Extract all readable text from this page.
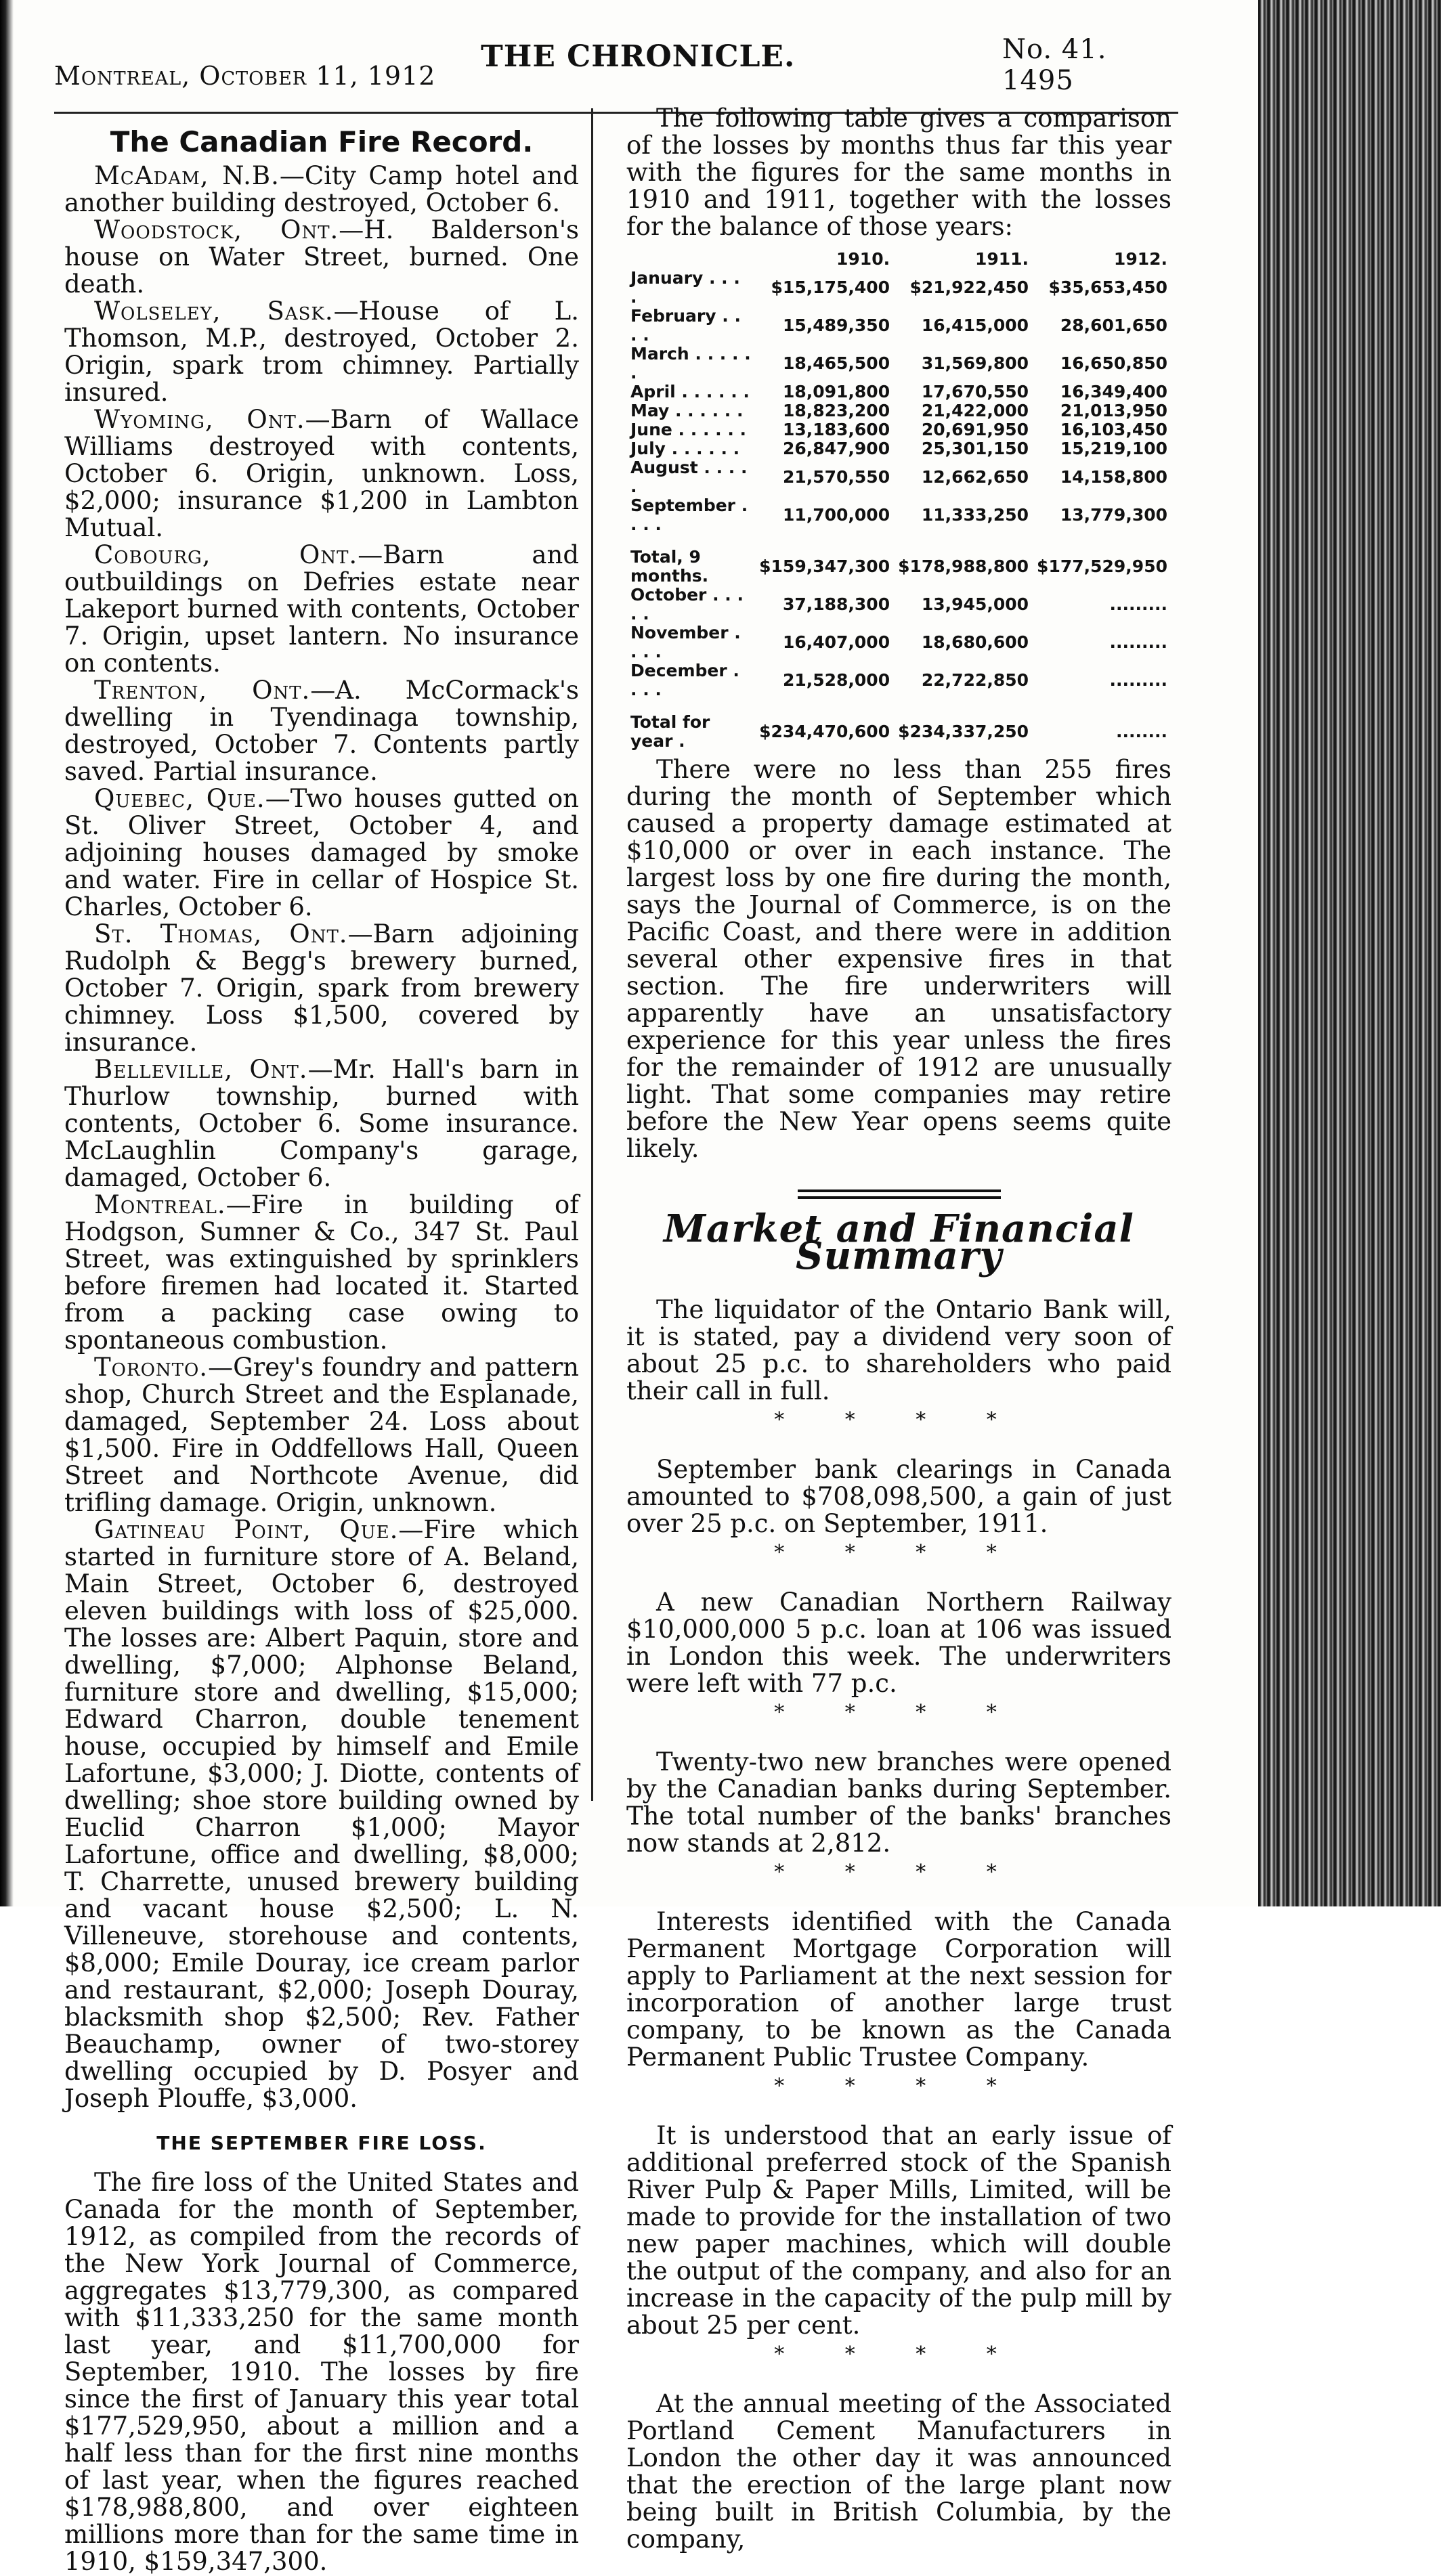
Montreal, October 11, 1912
THE CHRONICLE.	No. 41. 1495
The Canadian Fire Record.

McAdam, N.B.—City Camp hotel and another building destroyed, October 6.

Woodstock, Ont.—H. Balderson's house on Water Street, burned. One death.

Wolseley, Sask.—House of L. Thomson, M.P., destroyed, October 2. Origin, spark trom chimney. Partially insured.

Wyoming, Ont.—Barn of Wallace Williams destroyed with contents, October 6. Origin, unknown. Loss, $2,000; insurance $1,200 in Lambton Mutual.

Cobourg, Ont.—Barn and outbuildings on Defries estate near Lakeport burned with contents, October 7. Origin, upset lantern. No insurance on contents.

Trenton, Ont.—A. McCormack's dwelling in Tyendinaga township, destroyed, October 7. Contents partly saved. Partial insurance.

Quebec, Que.—Two houses gutted on St. Oliver Street, October 4, and adjoining houses damaged by smoke and water. Fire in cellar of Hospice St. Charles, October 6.

St. Thomas, Ont.—Barn adjoining Rudolph & Begg's brewery burned, October 7. Origin, spark from brewery chimney. Loss $1,500, covered by insurance.

Belleville, Ont.—Mr. Hall's barn in Thurlow township, burned with contents, October 6. Some insurance. McLaughlin Company's garage, damaged, October 6.

Montreal.—Fire in building of Hodgson, Sumner & Co., 347 St. Paul Street, was extinguished by sprinklers before firemen had located it. Started from a packing case owing to spontaneous combustion.

Toronto.—Grey's foundry and pattern shop, Church Street and the Esplanade, damaged, September 24. Loss about $1,500. Fire in Oddfellows Hall, Queen Street and Northcote Avenue, did trifling damage. Origin, unknown.

Gatineau Point, Que.—Fire which started in furniture store of A. Beland, Main Street, October 6, destroyed eleven buildings with loss of $25,000. The losses are: Albert Paquin, store and dwelling, $7,000; Alphonse Beland, furniture store and dwelling, $15,000; Edward Charron, double tenement house, occupied by himself and Emile Lafortune, $3,000; J. Diotte, contents of dwelling; shoe store building owned by Euclid Charron $1,000; Mayor Lafortune, office and dwelling, $8,000; T. Charrette, unused brewery building and vacant house $2,500; L. N. Villeneuve, storehouse and contents, $8,000; Emile Douray, ice cream parlor and restaurant, $2,000; Joseph Douray, blacksmith shop $2,500; Rev. Father Beauchamp, owner of two-storey dwelling occupied by D. Posyer and Joseph Plouffe, $3,000.

THE SEPTEMBER FIRE LOSS.

The fire loss of the United States and Canada for the month of September, 1912, as compiled from the records of the New York Journal of Commerce, aggregates $13,779,300, as compared with $11,333,250 for the same month last year, and $11,700,000 for September, 1910. The losses by fire since the first of January this year total $177,529,950, about a million and a half less than for the first nine months of last year, when the figures reached $178,988,800, and over eighteen millions more than for the same time in 1910, $159,347,300.

The following table gives a comparison of the losses by months thus far this year with the figures for the same months in 1910 and 1911, together with the losses for the balance of those years:

	1910.	1911.	1912.
January . . . .	$15,175,400	$21,922,450	$35,653,450
February . . . .	15,489,350	16,415,000	28,601,650
March . . . . . .	18,465,500	31,569,800	16,650,850
April . . . . . .	18,091,800	17,670,550	16,349,400
May . . . . . .	18,823,200	21,422,000	21,013,950
June . . . . . .	13,183,600	20,691,950	16,103,450
July . . . . . .	26,847,900	25,301,150	15,219,100
August . . . . .	21,570,550	12,662,650	14,158,800
September . . . .	11,700,000	11,333,250	13,779,300
Total, 9 months.	$159,347,300	$178,988,800	$177,529,950
October . . . . .	37,188,300	13,945,000	.........
November . . . .	16,407,000	18,680,600	.........
December . . . .	21,528,000	22,722,850	.........
Total for year .	$234,470,600	$234,337,250	........

There were no less than 255 fires during the month of September which caused a property damage estimated at $10,000 or over in each instance. The largest loss by one fire during the month, says the Journal of Commerce, is on the Pacific Coast, and there were in addition several other expensive fires in that section. The fire underwriters will apparently have an unsatisfactory experience for this year unless the fires for the remainder of 1912 are unusually light. That some companies may retire before the New Year opens seems quite likely.

Market and Financial Summary

The liquidator of the Ontario Bank will, it is stated, pay a dividend very soon of about 25 p.c. to shareholders who paid their call in full.

* * * *

September bank clearings in Canada amounted to $708,098,500, a gain of just over 25 p.c. on September, 1911.

* * * *

A new Canadian Northern Railway $10,000,000 5 p.c. loan at 106 was issued in London this week. The underwriters were left with 77 p.c.

* * * *

Twenty-two new branches were opened by the Canadian banks during September. The total number of the banks' branches now stands at 2,812.

* * * *

Interests identified with the Canada Permanent Mortgage Corporation will apply to Parliament at the next session for incorporation of another large trust company, to be known as the Canada Permanent Public Trustee Company.

* * * *

It is understood that an early issue of additional preferred stock of the Spanish River Pulp & Paper Mills, Limited, will be made to provide for the installation of two new paper machines, which will double the output of the company, and also for an increase in the capacity of the pulp mill by about 25 per cent.

* * * *

At the annual meeting of the Associated Portland Cement Manufacturers in London the other day it was announced that the erection of the large plant now being built in British Columbia, by the company,
